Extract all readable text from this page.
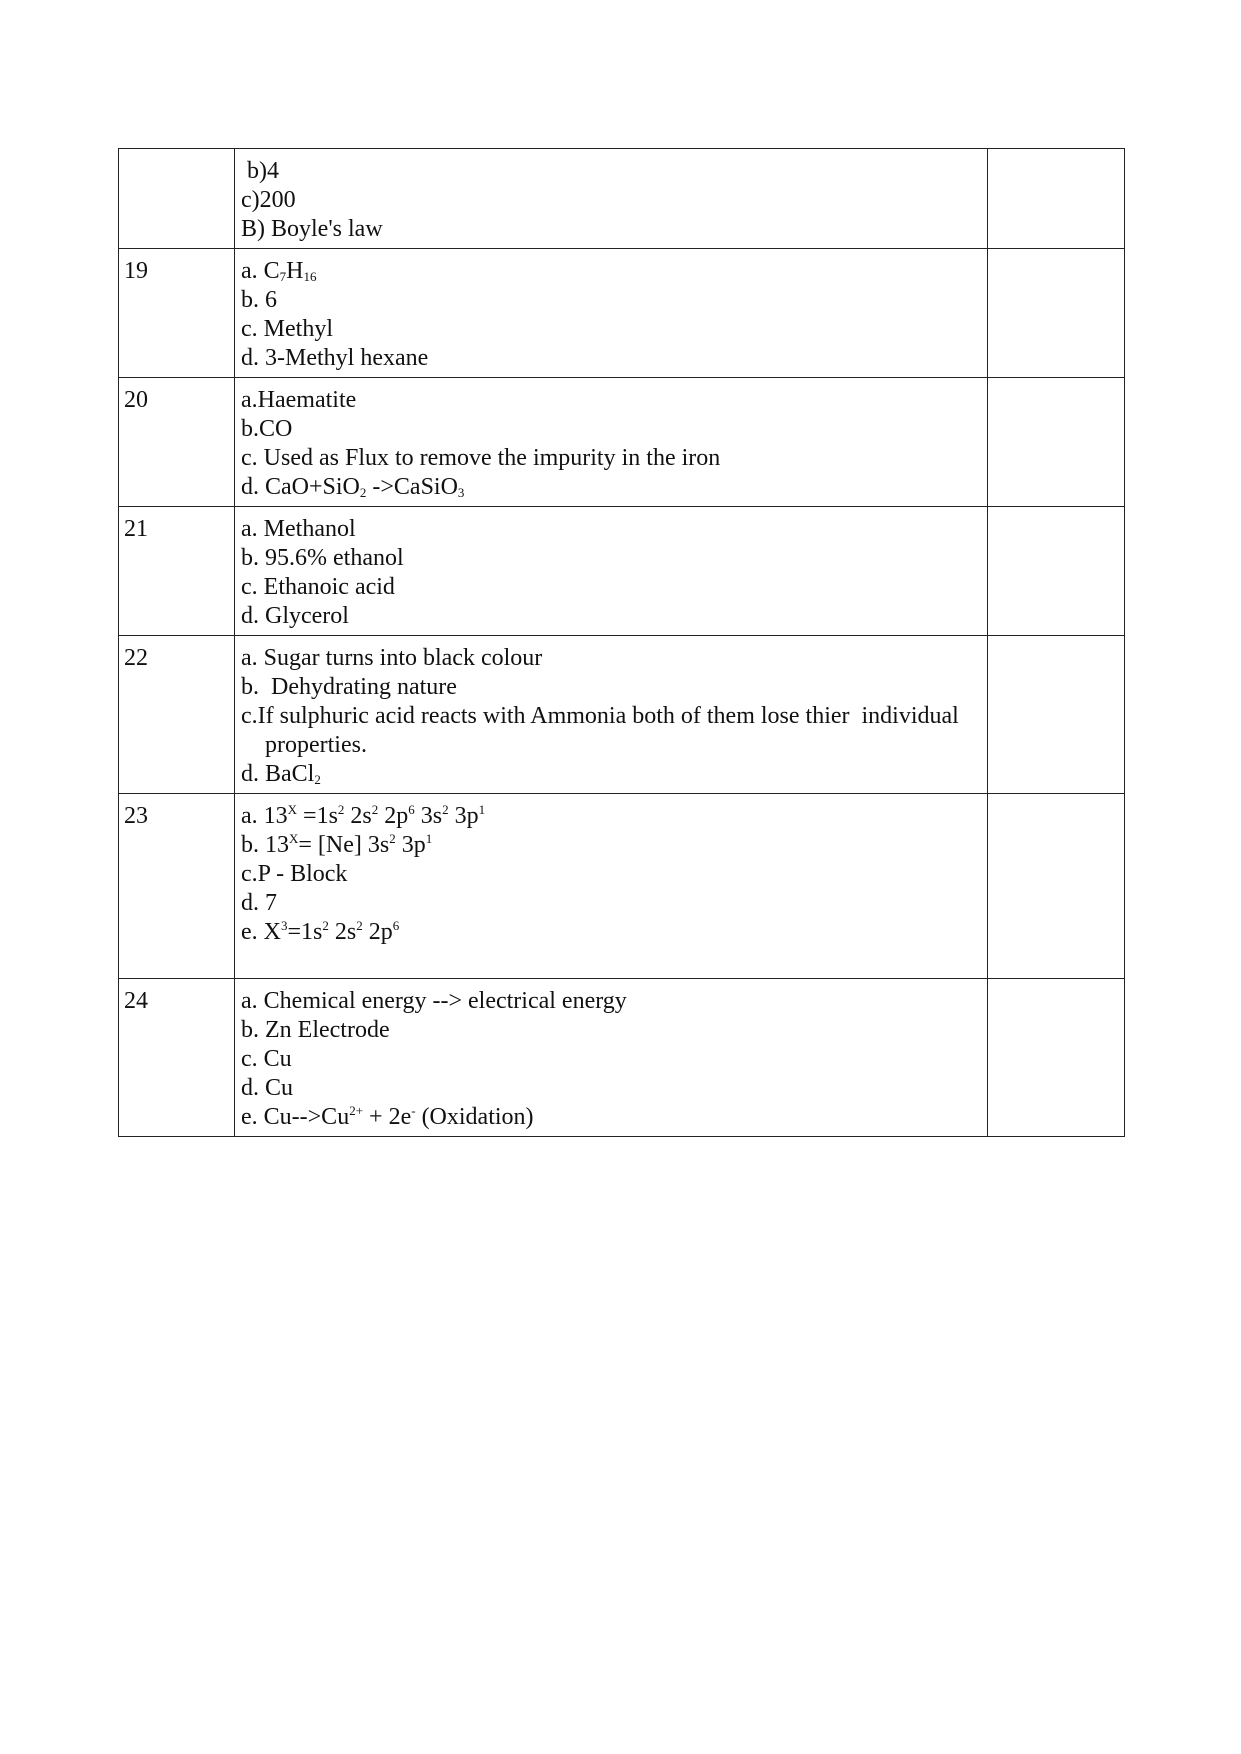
	b)4
c)200
B) Boyle's law	

19	a. $C_7H_{16}$
b. 6
c. Methyl
d. 3-Methyl hexane	

20	a.Haematite
b.CO
c. Used as Flux to remove the impurity in the iron
d. CaO+SiO$_2$ ->CaSiO$_3$

21	a. Methanol
b. 95.6% ethanol
c. Ethanoic acid
d. Glycerol	

22	a. Sugar turns into black colour
b.  Dehydrating nature
c.If sulphuric acid reacts with Ammonia both of them lose thier  individual properties.
d. BaCl$_2$

23	a. $13^X =1s^2$ $2s^2$ $2p^6$ $3s^2$ $3p^1$
b. $13^X= [Ne]$ $3s^2$ $3p^1$
c.P - Block
d. 7
e. $X^3=1s^2$ $2s^2$ $2p^6$

24	a. Chemical energy --> electrical energy
b. Zn Electrode
c. Cu
d. Cu
e. $Cu-->Cu^{2+} + 2e^-$ (Oxidation)	
